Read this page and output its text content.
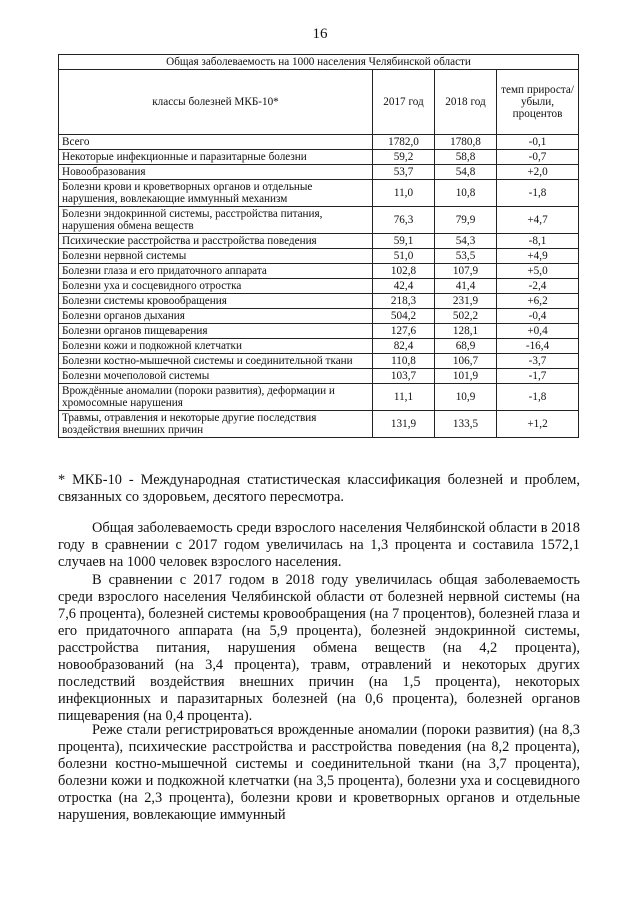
16
Общая заболеваемость на 1000 населения Челябинской области			
классы болезней МКБ-10*	2017 год	2018 год	темп прироста/ убыли, процентов
Всего	1782,0	1780,8	-0,1
Некоторые инфекционные и паразитарные болезни	59,2	58,8	-0,7
Новообразования	53,7	54,8	+2,0
Болезни крови и кроветворных органов и отдельные нарушения, вовлекающие иммунный механизм	11,0	10,8	-1,8
Болезни эндокринной системы, расстройства питания, нарушения обмена веществ	76,3	79,9	+4,7
Психические расстройства и расстройства поведения	59,1	54,3	-8,1
Болезни нервной системы	51,0	53,5	+4,9
Болезни глаза и его придаточного аппарата	102,8	107,9	+5,0
Болезни уха и сосцевидного отростка	42,4	41,4	-2,4
Болезни системы кровообращения	218,3	231,9	+6,2
Болезни органов дыхания	504,2	502,2	-0,4
Болезни органов пищеварения	127,6	128,1	+0,4
Болезни кожи и подкожной клетчатки	82,4	68,9	-16,4
Болезни костно-мышечной системы и соединительной ткани	110,8	106,7	-3,7
Болезни мочеполовой системы	103,7	101,9	-1,7
Врождённые аномалии (пороки развития), деформации и хромосомные нарушения	11,1	10,9	-1,8
Травмы, отравления и некоторые другие последствия воздействия внешних причин	131,9	133,5	+1,2

* МКБ-10 - Международная статистическая классификация болезней и проблем, связанных со здоровьем, десятого пересмотра.

Общая заболеваемость среди взрослого населения Челябинской области в 2018 году в сравнении с 2017 годом увеличилась на 1,3 процента и составила 1572,1 случаев на 1000 человек взрослого населения.

В сравнении с 2017 годом в 2018 году увеличилась общая заболеваемость среди взрослого населения Челябинской области от болезней нервной системы (на 7,6 процента), болезней системы кровообращения (на 7 процентов), болезней глаза и его придаточного аппарата (на 5,9 процента), болезней эндокринной системы, расстройства питания, нарушения обмена веществ (на 4,2 процента), новообразований (на 3,4 процента), травм, отравлений и некоторых других последствий воздействия внешних причин (на 1,5 процента), некоторых инфекционных и паразитарных болезней (на 0,6 процента), болезней органов пищеварения (на 0,4 процента).

Реже стали регистрироваться врожденные аномалии (пороки развития) (на 8,3 процента), психические расстройства и расстройства поведения (на 8,2 процента), болезни костно-мышечной системы и соединительной ткани (на 3,7 процента), болезни кожи и подкожной клетчатки (на 3,5 процента), болезни уха и сосцевидного отростка (на 2,3 процента), болезни крови и кроветворных органов и отдельные нарушения, вовлекающие иммунный
